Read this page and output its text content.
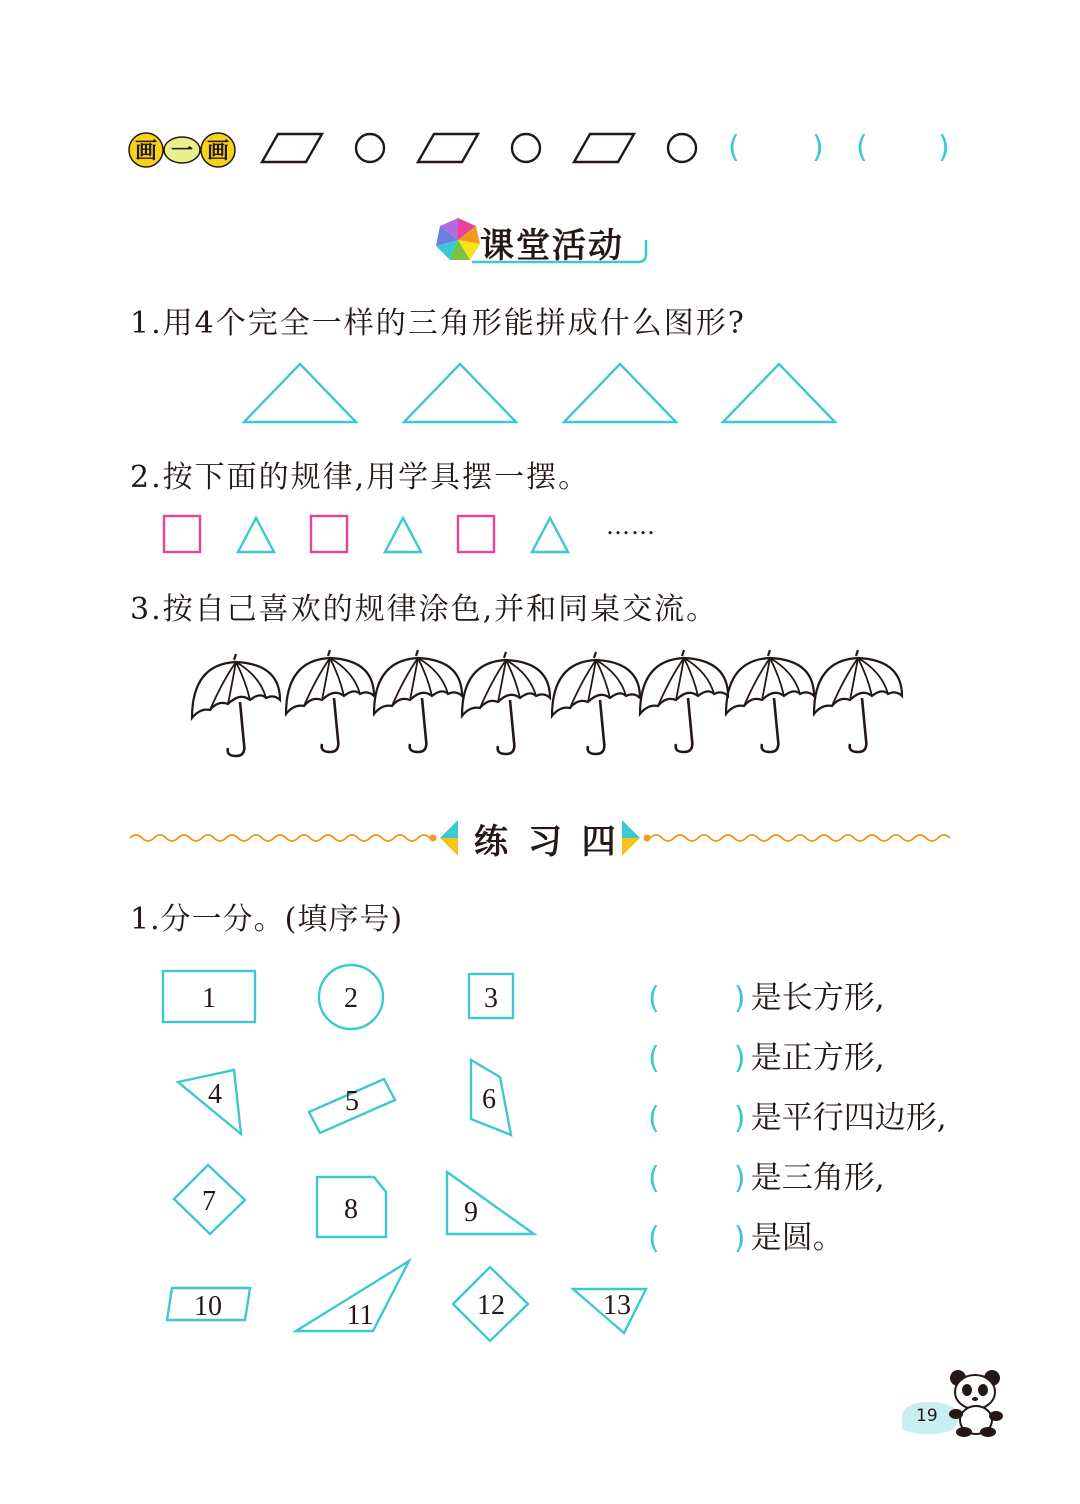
画 一 画	( ) ( )
课堂活动
1.用4个完全一样的三角形能拼成什么图形?
2.按下面的规律,用学具摆一摆。
……
3.按自己喜欢的规律涂色,并和同桌交流。
练 习 四
1.分一分。(填序号)
1	2	3
4	5	6
7	8	9
10	11	12	13
( ) 是长方形,
( ) 是正方形,
( ) 是平行四边形,
( ) 是三角形,
( ) 是圆。
19
